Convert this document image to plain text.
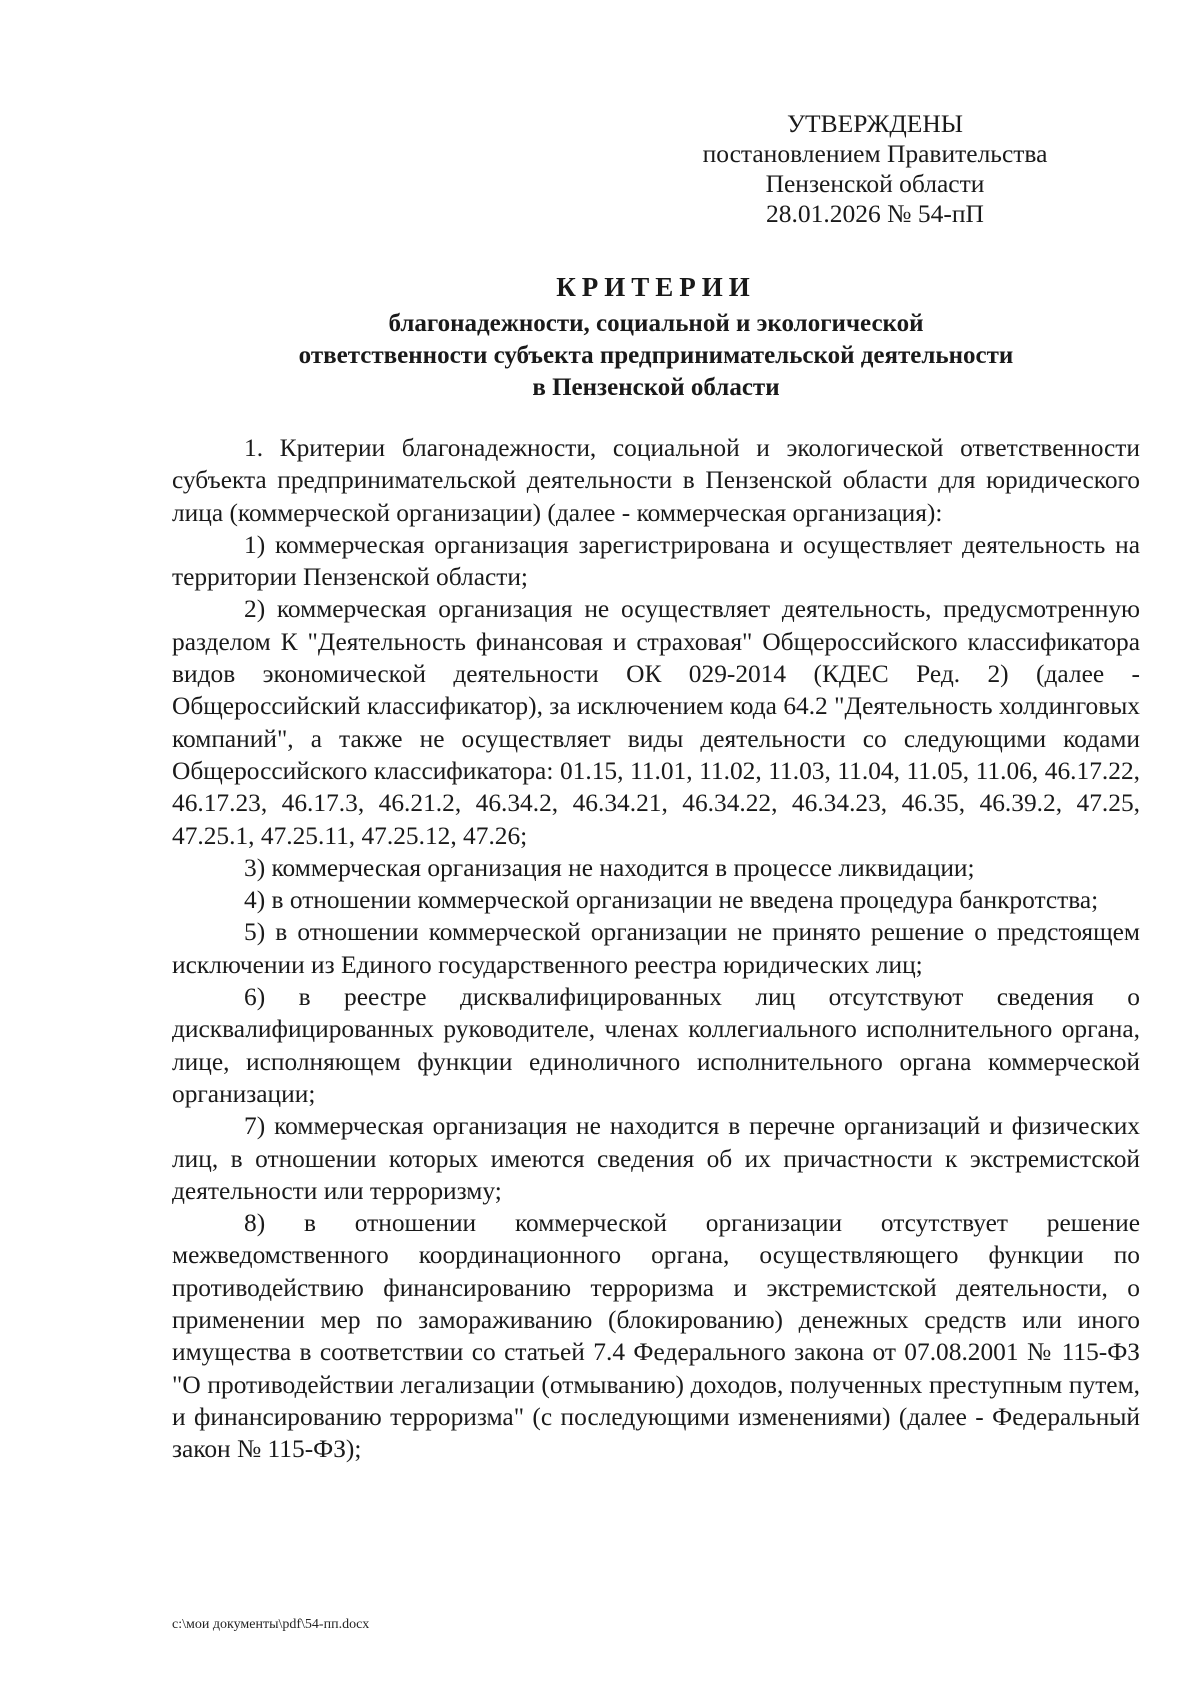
УТВЕРЖДЕНЫ
постановлением Правительства
Пензенской области
28.01.2026 № 54-пП
КРИТЕРИИ
благонадежности, социальной и экологической
ответственности субъекта предпринимательской деятельности
в Пензенской области

1. Критерии благонадежности, социальной и экологической ответственности субъекта предпринимательской деятельности в Пензенской области для юридического лица (коммерческой организации) (далее - коммерческая организация):

1) коммерческая организация зарегистрирована и осуществляет деятельность на территории Пензенской области;

2) коммерческая организация не осуществляет деятельность, предусмотренную разделом К "Деятельность финансовая и страховая" Общероссийского классификатора видов экономической деятельности ОК 029-2014 (КДЕС Ред. 2) (далее - Общероссийский классификатор), за исключением кода 64.2 "Деятельность холдинговых компаний", а также не осуществляет виды деятельности со следующими кодами Общероссийского классификатора: 01.15, 11.01, 11.02, 11.03, 11.04, 11.05, 11.06, 46.17.22, 46.17.23, 46.17.3, 46.21.2, 46.34.2, 46.34.21, 46.34.22, 46.34.23, 46.35, 46.39.2, 47.25, 47.25.1, 47.25.11, 47.25.12, 47.26;

3) коммерческая организация не находится в процессе ликвидации;

4) в отношении коммерческой организации не введена процедура банкротства;

5) в отношении коммерческой организации не принято решение о предстоящем исключении из Единого государственного реестра юридических лиц;

6) в реестре дисквалифицированных лиц отсутствуют сведения о дисквалифицированных руководителе, членах коллегиального исполнительного органа, лице, исполняющем функции единоличного исполнительного органа коммерческой организации;

7) коммерческая организация не находится в перечне организаций и физических лиц, в отношении которых имеются сведения об их причастности к экстремистской деятельности или терроризму;

8) в отношении коммерческой организации отсутствует решение межведомственного координационного органа, осуществляющего функции по противодействию финансированию терроризма и экстремистской деятельности, о применении мер по замораживанию (блокированию) денежных средств или иного имущества в соответствии со статьей 7.4 Федерального закона от 07.08.2001 № 115-ФЗ "О противодействии легализации (отмыванию) доходов, полученных преступным путем, и финансированию терроризма" (с последующими изменениями) (далее - Федеральный закон № 115-ФЗ);

c:\мои документы\pdf\54-пп.docx
